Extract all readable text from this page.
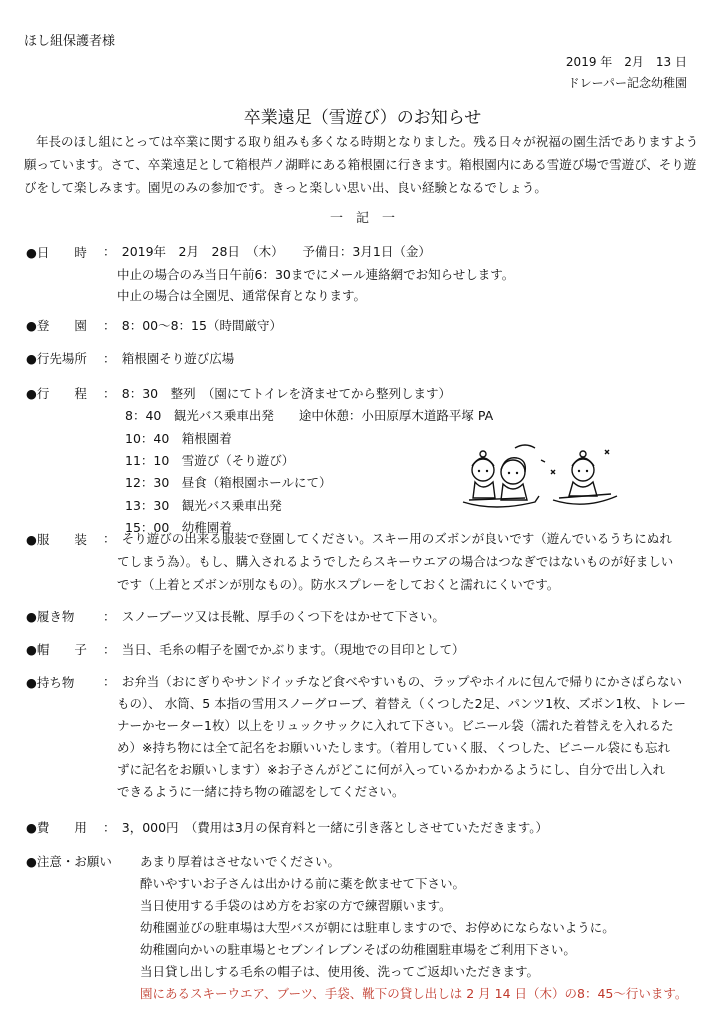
ほし組保護者様
2019 年　2月　13 日
ドレーパー記念幼稚園
卒業遠足（雪遊び）のお知らせ
年長のほし組にとっては卒業に関する取り組みも多くなる時期となりました。残る日々が祝福の園生活でありますよう願っています。さて、卒業遠足として箱根芦ノ湖畔にある箱根園に行きます。箱根園内にある雪遊び場で雪遊び、そり遊びをして楽しみます。園児のみの参加です。きっと楽しい思い出、良い経験となるでしょう。
一　記　一
●日　　時 ：　2019年　2月　28日　（木）　　予備日：3月1日（金）
中止の場合のみ当日午前6：30までにメール連絡網でお知らせします。
中止の場合は全園児、通常保育となります。
●登　　園 ：　8：00～8：15（時間厳守）
●行先場所 ：　箱根園そり遊び広場
●行　　程 ：　8：30　整列　（園にてトイレを済ませてから整列します）
8：40　観光バス乗車出発　　途中休憩：小田原厚木道路平塚 PA
10：40　箱根園着
11：10　雪遊び（そり遊び）
12：30　昼食（箱根園ホールにて）
13：30　観光バス乗車出発
15：00　幼稚園着
●服　　装 ：　そり遊びの出来る服装で登園してください。スキー用のズボンが良いです（遊んでいるうちにぬれ
てしまう為）。もし、購入されるようでしたらスキーウエアの場合はつなぎではないものが好ましい
です（上着とズボンが別なもの）。防水スプレーをしておくと濡れにくいです。
●履き物 ：　スノーブーツ又は長靴、厚手のくつ下をはかせて下さい。
●帽　　子 ：　当日、毛糸の帽子を園でかぶります。（現地での目印として）
●持ち物 ：　お弁当（おにぎりやサンドイッチなど食べやすいもの、ラップやホイルに包んで帰りにかさばらない
もの）、 水筒、5 本指の雪用スノーグローブ、着替え（くつした2足、パンツ1枚、ズボン1枚、トレー
ナーかセーター1枚）以上をリュックサックに入れて下さい。ビニール袋（濡れた着替えを入れるた
め）※持ち物には全て記名をお願いいたします。（着用していく服、くつした、ビニール袋にも忘れ
ずに記名をお願いします）※お子さんがどこに何が入っているかわかるようにし、自分で出し入れ
できるように一緒に持ち物の確認をしてください。
●費　　用 ：　3，000円　（費用は3月の保育料と一緒に引き落としさせていただきます。）
●注意・お願い あまり厚着はさせないでください。
酔いやすいお子さんは出かける前に薬を飲ませて下さい。
当日使用する手袋のはめ方をお家の方で練習願います。
幼稚園並びの駐車場は大型バスが朝には駐車しますので、お停めにならないように。
幼稚園向かいの駐車場とセブンイレブンそばの幼稚園駐車場をご利用下さい。
当日貸し出しする毛糸の帽子は、使用後、洗ってご返却いただきます。
園にあるスキーウエア、ブーツ、手袋、靴下の貸し出しは 2 月 14 日（木）の8：45～行います。
